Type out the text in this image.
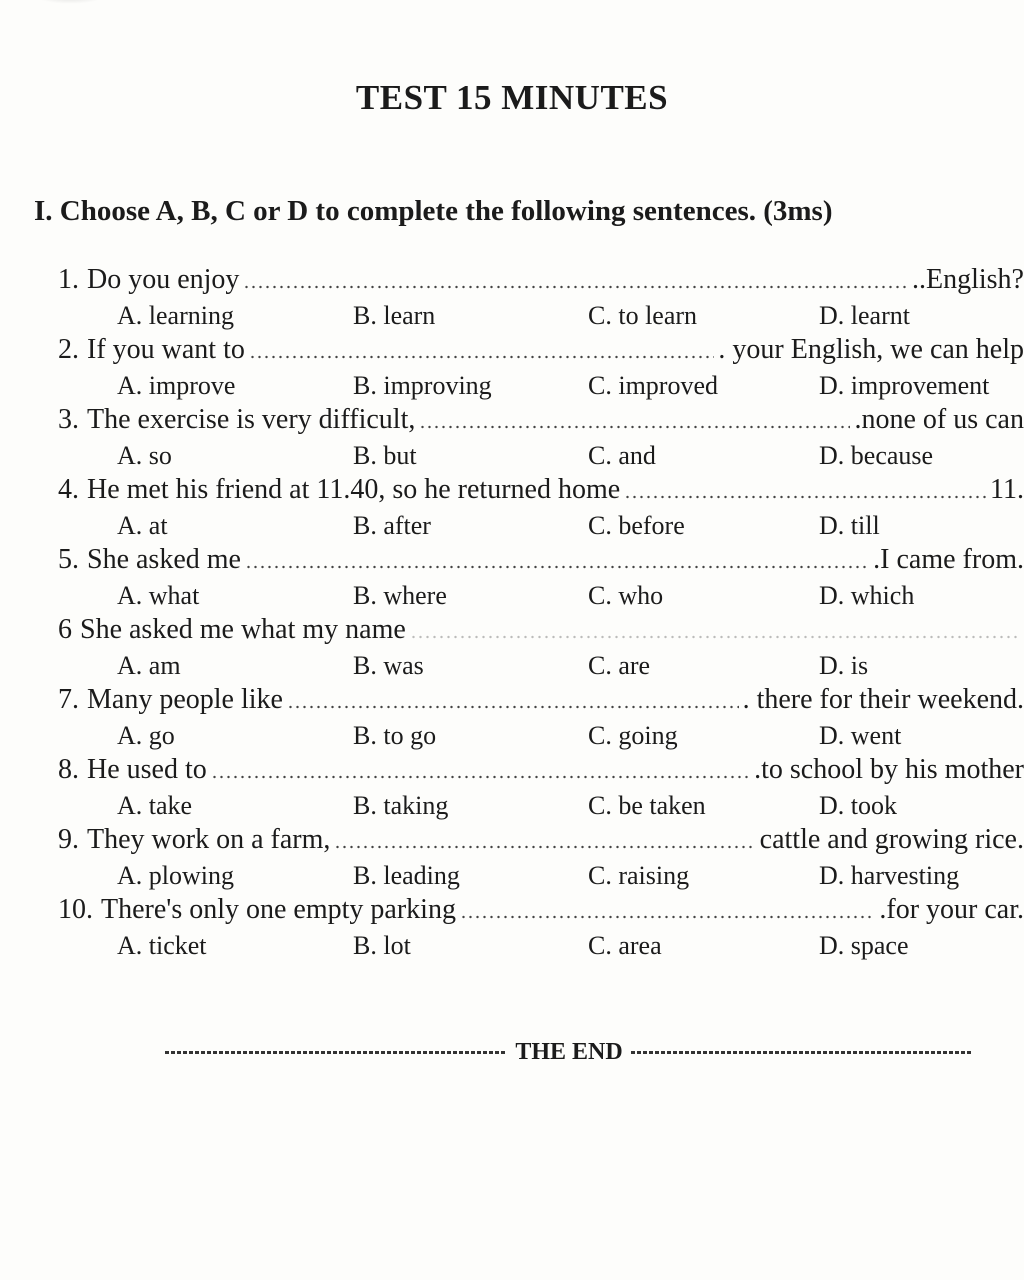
TEST 15 MINUTES
I. Choose A, B, C or D to complete the following sentences. (3ms)
1. Do you enjoy	..English?
A. learning	B. learn	C. to learn	D. learnt
2. If you want to	. your English, we can help
A. improve	B. improving	C. improved	D. improvement
3. The exercise is very difficult,	.none of us can
A. so	B. but	C. and	D. because
4. He met his friend at 11.40, so he returned home	11.
A. at	B. after	C. before	D. till
5. She asked me	.I came from.
A. what	B. where	C. who	D. which
6 She asked me what my name
A. am	B. was	C. are	D. is
7. Many people like	. there for their weekend.
A. go	B. to go	C. going	D. went
8. He used to	.to school by his mother
A. take	B. taking	C. be taken	D. took
9. They work on a farm,	cattle and growing rice.
A. plowing	B. leading	C. raising	D. harvesting
10. There's only one empty parking	.for your car.
A. ticket	B. lot	C. area	D. space
THE END
